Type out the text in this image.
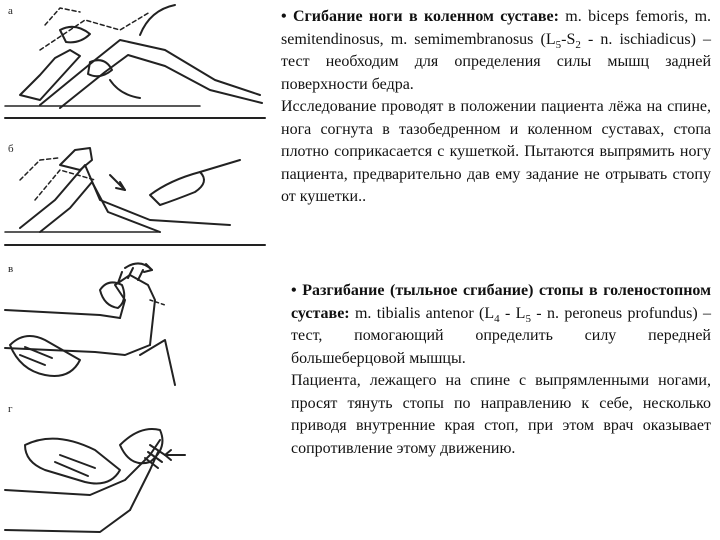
а
б
в
г

• Сгибание ноги в коленном суставе: m. biceps femoris, m. semitendinosus, m. semimembranosus ($L_5-S_2$ - n. ischiadicus) – тест необходим для определения силы мышц задней поверхности бедра.

Исследование проводят в положении пациента лёжа на спине, нога согнута в тазобедренном и коленном суставах, стопа плотно соприкасается с кушеткой. Пытаются выпрямить ногу пациента, предварительно дав ему задание не отрывать стопу от кушетки..

• Разгибание (тыльное сгибание) стопы в голеностопном суставе: m. tibialis antenor ($L_4 - L_5$ - n. peroneus profundus) – тест, помогающий определить силу передней большеберцовой мышцы.

Пациента, лежащего на спине с выпрямленными ногами, просят тянуть стопы по направлению к себе, несколько приводя внутренние края стоп, при этом врач оказывает сопротивление этому движению.
